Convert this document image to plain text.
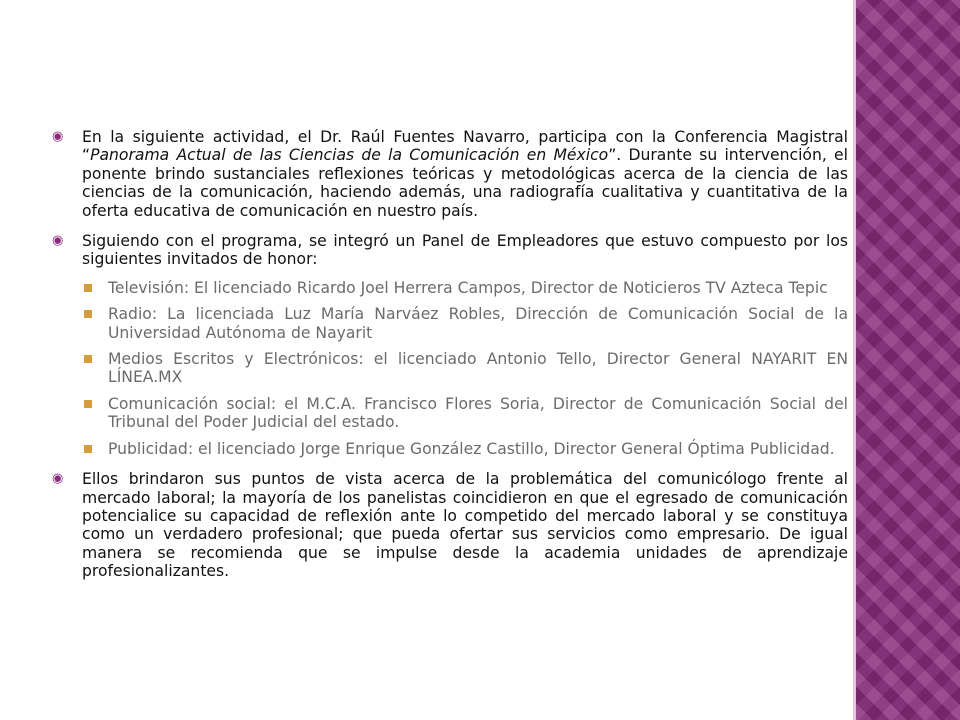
◉ En la siguiente actividad, el Dr. Raúl Fuentes Navarro, participa con la Conferencia Magistral “Panorama Actual de las Ciencias de la Comunicación en México”. Durante su intervención, el ponente brindo sustanciales reflexiones teóricas y metodológicas acerca de la ciencia de las ciencias de la comunicación, haciendo además, una radiografía cualitativa y cuantitativa de la oferta educativa de comunicación en nuestro país.
◉ Siguiendo con el programa, se integró un Panel de Empleadores que estuvo compuesto por los siguientes invitados de honor:
Televisión: El licenciado Ricardo Joel Herrera Campos, Director de Noticieros TV Azteca Tepic
Radio: La licenciada Luz María Narváez Robles, Dirección de Comunicación Social de la Universidad Autónoma de Nayarit
Medios Escritos y Electrónicos: el licenciado Antonio Tello, Director General NAYARIT EN LÍNEA.MX
Comunicación social: el M.C.A. Francisco Flores Soria, Director de Comunicación Social del Tribunal del Poder Judicial del estado.
Publicidad: el licenciado Jorge Enrique González Castillo, Director General Óptima Publicidad.
◉ Ellos brindaron sus puntos de vista acerca de la problemática del comunicólogo frente al mercado laboral; la mayoría de los panelistas coincidieron en que el egresado de comunicación potencialice su capacidad de reflexión ante lo competido del mercado laboral y se constituya como un verdadero profesional; que pueda ofertar sus servicios como empresario. De igual manera se recomienda que se impulse desde la academia unidades de aprendizaje profesionalizantes.
